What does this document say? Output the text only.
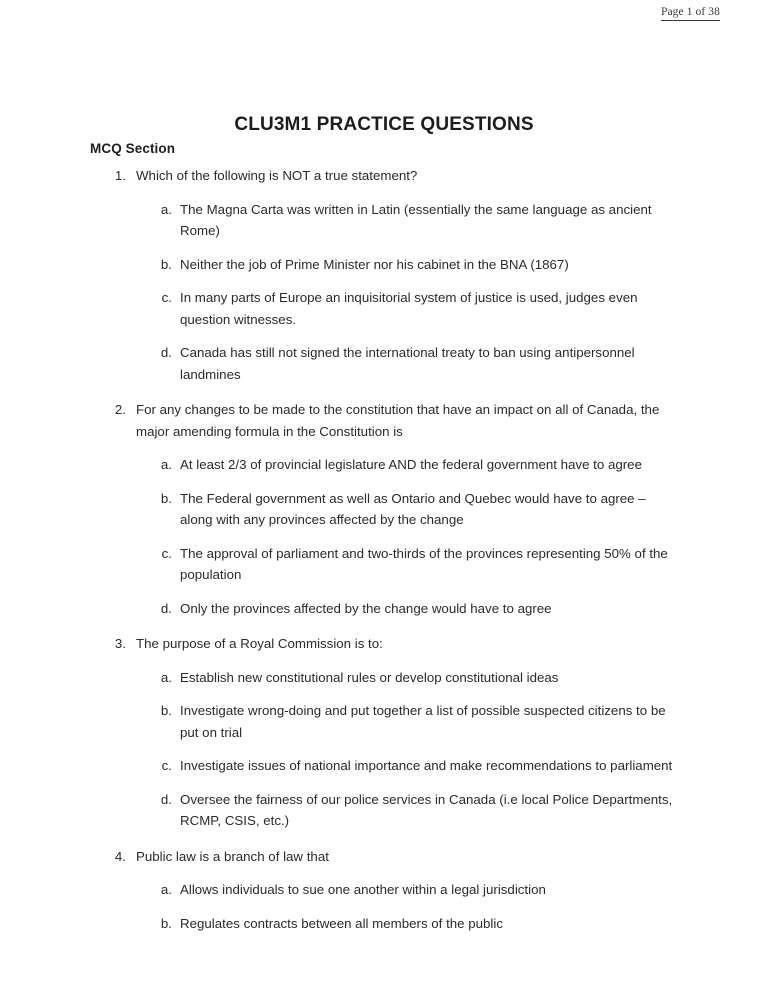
Page 1 of 38
CLU3M1 PRACTICE QUESTIONS
MCQ Section
1. Which of the following is NOT a true statement?
a. The Magna Carta was written in Latin (essentially the same language as ancient Rome)
b. Neither the job of Prime Minister nor his cabinet in the BNA (1867)
c. In many parts of Europe an inquisitorial system of justice is used, judges even question witnesses.
d. Canada has still not signed the international treaty to ban using antipersonnel landmines
2. For any changes to be made to the constitution that have an impact on all of Canada, the major amending formula in the Constitution is
a. At least 2/3 of provincial legislature AND the federal government have to agree
b. The Federal government as well as Ontario and Quebec would have to agree – along with any provinces affected by the change
c. The approval of parliament and two-thirds of the provinces representing 50% of the population
d. Only the provinces affected by the change would have to agree
3. The purpose of a Royal Commission is to:
a. Establish new constitutional rules or develop constitutional ideas
b. Investigate wrong-doing and put together a list of possible suspected citizens to be put on trial
c. Investigate issues of national importance and make recommendations to parliament
d. Oversee the fairness of our police services in Canada (i.e local Police Departments, RCMP, CSIS, etc.)
4. Public law is a branch of law that
a. Allows individuals to sue one another within a legal jurisdiction
b. Regulates contracts between all members of the public
